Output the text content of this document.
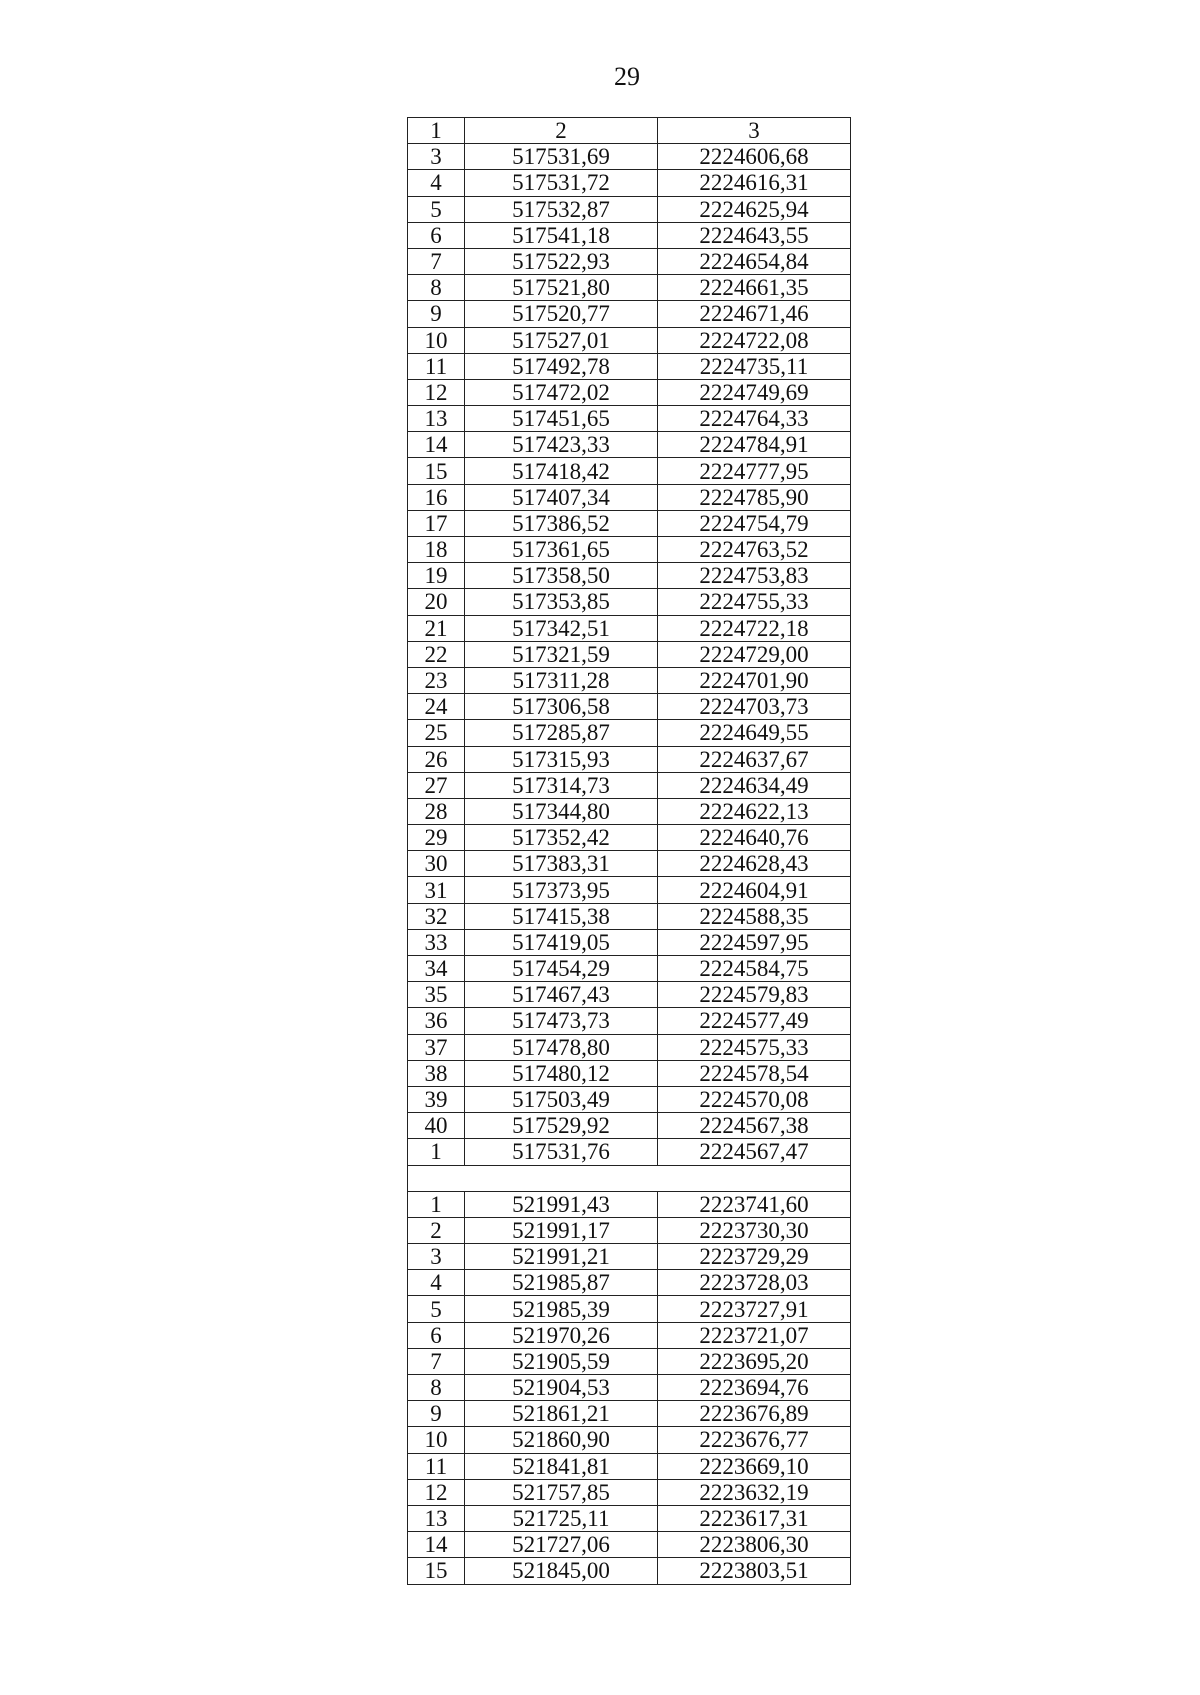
29
1	2	3
3	517531,69	2224606,68
4	517531,72	2224616,31
5	517532,87	2224625,94
6	517541,18	2224643,55
7	517522,93	2224654,84
8	517521,80	2224661,35
9	517520,77	2224671,46
10	517527,01	2224722,08
11	517492,78	2224735,11
12	517472,02	2224749,69
13	517451,65	2224764,33
14	517423,33	2224784,91
15	517418,42	2224777,95
16	517407,34	2224785,90
17	517386,52	2224754,79
18	517361,65	2224763,52
19	517358,50	2224753,83
20	517353,85	2224755,33
21	517342,51	2224722,18
22	517321,59	2224729,00
23	517311,28	2224701,90
24	517306,58	2224703,73
25	517285,87	2224649,55
26	517315,93	2224637,67
27	517314,73	2224634,49
28	517344,80	2224622,13
29	517352,42	2224640,76
30	517383,31	2224628,43
31	517373,95	2224604,91
32	517415,38	2224588,35
33	517419,05	2224597,95
34	517454,29	2224584,75
35	517467,43	2224579,83
36	517473,73	2224577,49
37	517478,80	2224575,33
38	517480,12	2224578,54
39	517503,49	2224570,08
40	517529,92	2224567,38
1	517531,76	2224567,47

1	521991,43	2223741,60
2	521991,17	2223730,30
3	521991,21	2223729,29
4	521985,87	2223728,03
5	521985,39	2223727,91
6	521970,26	2223721,07
7	521905,59	2223695,20
8	521904,53	2223694,76
9	521861,21	2223676,89
10	521860,90	2223676,77
11	521841,81	2223669,10
12	521757,85	2223632,19
13	521725,11	2223617,31
14	521727,06	2223806,30
15	521845,00	2223803,51
